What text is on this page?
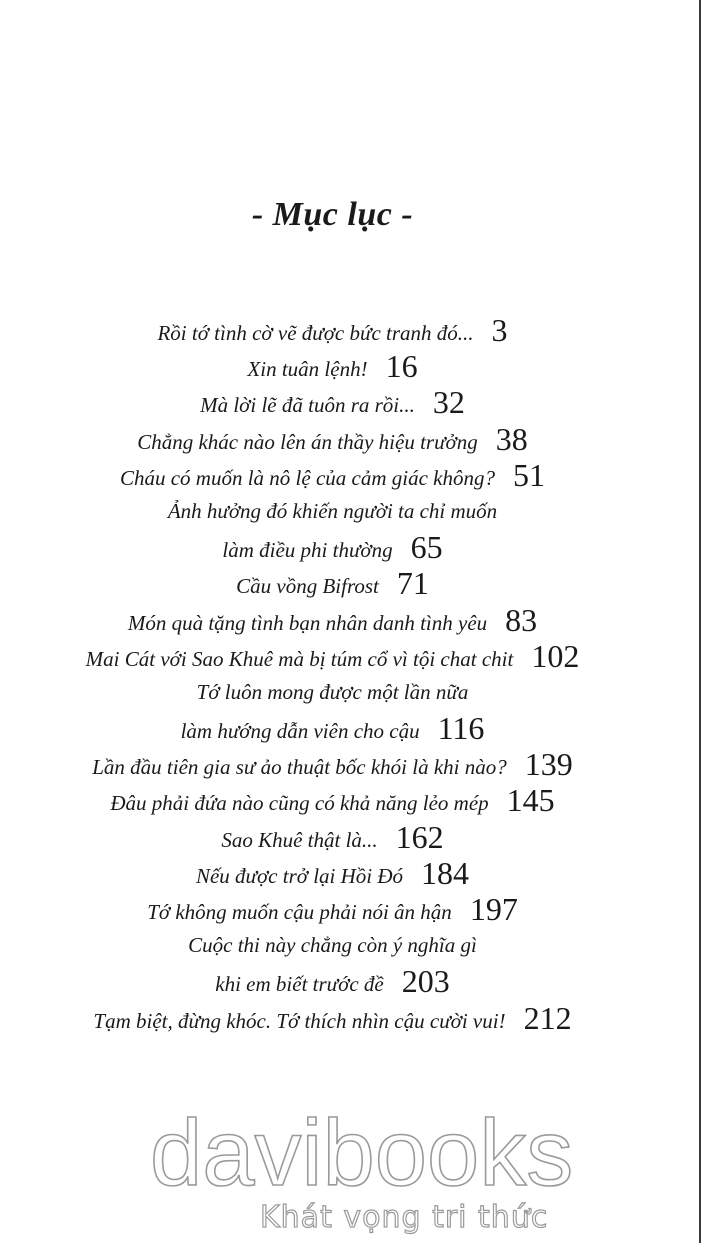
- Mục lục -
Rồi tớ tình cờ vẽ được bức tranh đó... 3
Xin tuân lệnh! 16
Mà lời lẽ đã tuôn ra rồi... 32
Chẳng khác nào lên án thầy hiệu trưởng 38
Cháu có muốn là nô lệ của cảm giác không? 51
Ảnh hưởng đó khiến người ta chỉ muốn
làm điều phi thường 65
Cầu vồng Bifrost 71
Món quà tặng tình bạn nhân danh tình yêu 83
Mai Cát với Sao Khuê mà bị túm cổ vì tội chat chit 102
Tớ luôn mong được một lần nữa
làm hướng dẫn viên cho cậu 116
Lần đầu tiên gia sư ảo thuật bốc khói là khi nào? 139
Đâu phải đứa nào cũng có khả năng lẻo mép 145
Sao Khuê thật là... 162
Nếu được trở lại Hồi Đó 184
Tớ không muốn cậu phải nói ân hận 197
Cuộc thi này chẳng còn ý nghĩa gì
khi em biết trước đề 203
Tạm biệt, đừng khóc. Tớ thích nhìn cậu cười vui! 212
davibooks
Khát vọng tri thức
